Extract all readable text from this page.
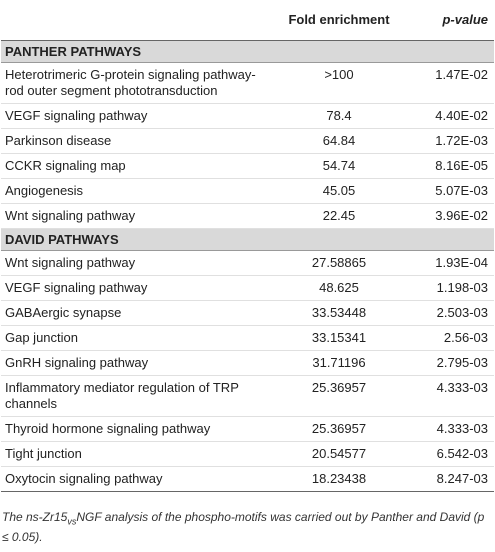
	Fold enrichment	p-value
PANTHER PATHWAYS		
Heterotrimeric G-protein signaling pathway-rod outer segment phototransduction	>100	1.47E-02
VEGF signaling pathway	78.4	4.40E-02
Parkinson disease	64.84	1.72E-03
CCKR signaling map	54.74	8.16E-05
Angiogenesis	45.05	5.07E-03
Wnt signaling pathway	22.45	3.96E-02
DAVID PATHWAYS		
Wnt signaling pathway	27.58865	1.93E-04
VEGF signaling pathway	48.625	1.198-03
GABAergic synapse	33.53448	2.503-03
Gap junction	33.15341	2.56-03
GnRH signaling pathway	31.71196	2.795-03
Inflammatory mediator regulation of TRP channels	25.36957	4.333-03
Thyroid hormone signaling pathway	25.36957	4.333-03
Tight junction	20.54577	6.542-03
Oxytocin signaling pathway	18.23438	8.247-03
The $ns-Zr15_{vs}NGF$ analysis of the phospho-motifs was carried out by Panther and David (p ≤ 0.05).
